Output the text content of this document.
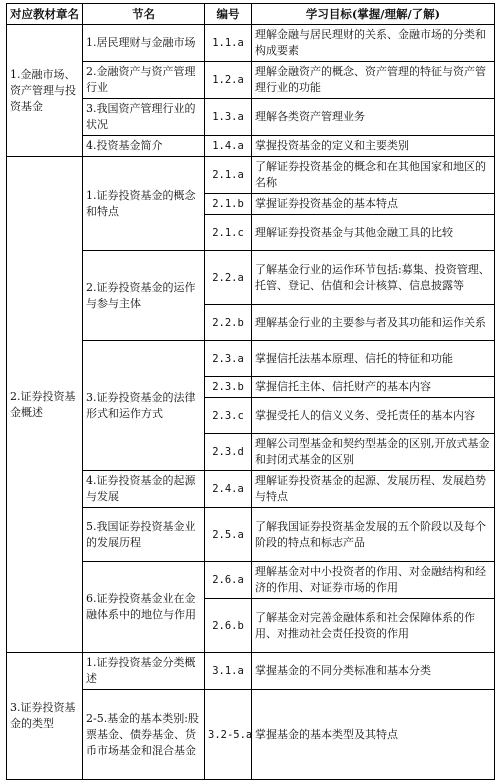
对应教材章名	节名	编号	学习目标(掌握/理解/了解)
1.金融市场、资产管理与投资基金	1.居民理财与金融市场	1.1.a	理解金融与居民理财的关系、金融市场的分类和构成要素
	2.金融资产与资产管理行业	1.2.a	理解金融资产的概念、资产管理的特征与资产管理行业的功能
	3.我国资产管理行业的状况	1.3.a	理解各类资产管理业务
	4.投资基金简介	1.4.a	掌握投资基金的定义和主要类别
2.证券投资基金概述	1.证券投资基金的概念和特点	2.1.a	了解证券投资基金的概念和在其他国家和地区的名称
		2.1.b	掌握证券投资基金的基本特点
		2.1.c	理解证券投资基金与其他金融工具的比较
	2.证券投资基金的运作与参与主体	2.2.a	了解基金行业的运作环节包括:募集、投资管理、托管、登记、估值和会计核算、信息披露等
		2.2.b	理解基金行业的主要参与者及其功能和运作关系
	3.证券投资基金的法律形式和运作方式	2.3.a	掌握信托法基本原理、信托的特征和功能
		2.3.b	掌握信托主体、信托财产的基本内容
		2.3.c	掌握受托人的信义义务、受托责任的基本内容
		2.3.d	理解公司型基金和契约型基金的区别,开放式基金和封闭式基金的区别
	4.证券投资基金的起源与发展	2.4.a	理解证券投资基金的起源、发展历程、发展趋势与特点
	5.我国证券投资基金业的发展历程	2.5.a	了解我国证券投资基金发展的五个阶段以及每个阶段的特点和标志产品
	6.证券投资基金业在金融体系中的地位与作用	2.6.a	理解基金对中小投资者的作用、对金融结构和经济的作用、对证券市场的作用
		2.6.b	了解基金对完善金融体系和社会保障体系的作用、对推动社会责任投资的作用
3.证券投资基金的类型	1.证券投资基金分类概述	3.1.a	掌握基金的不同分类标准和基本分类
	2-5.基金的基本类别:股票基金、债券基金、货币市场基金和混合基金	3.2-5.a	掌握基金的基本类型及其特点
